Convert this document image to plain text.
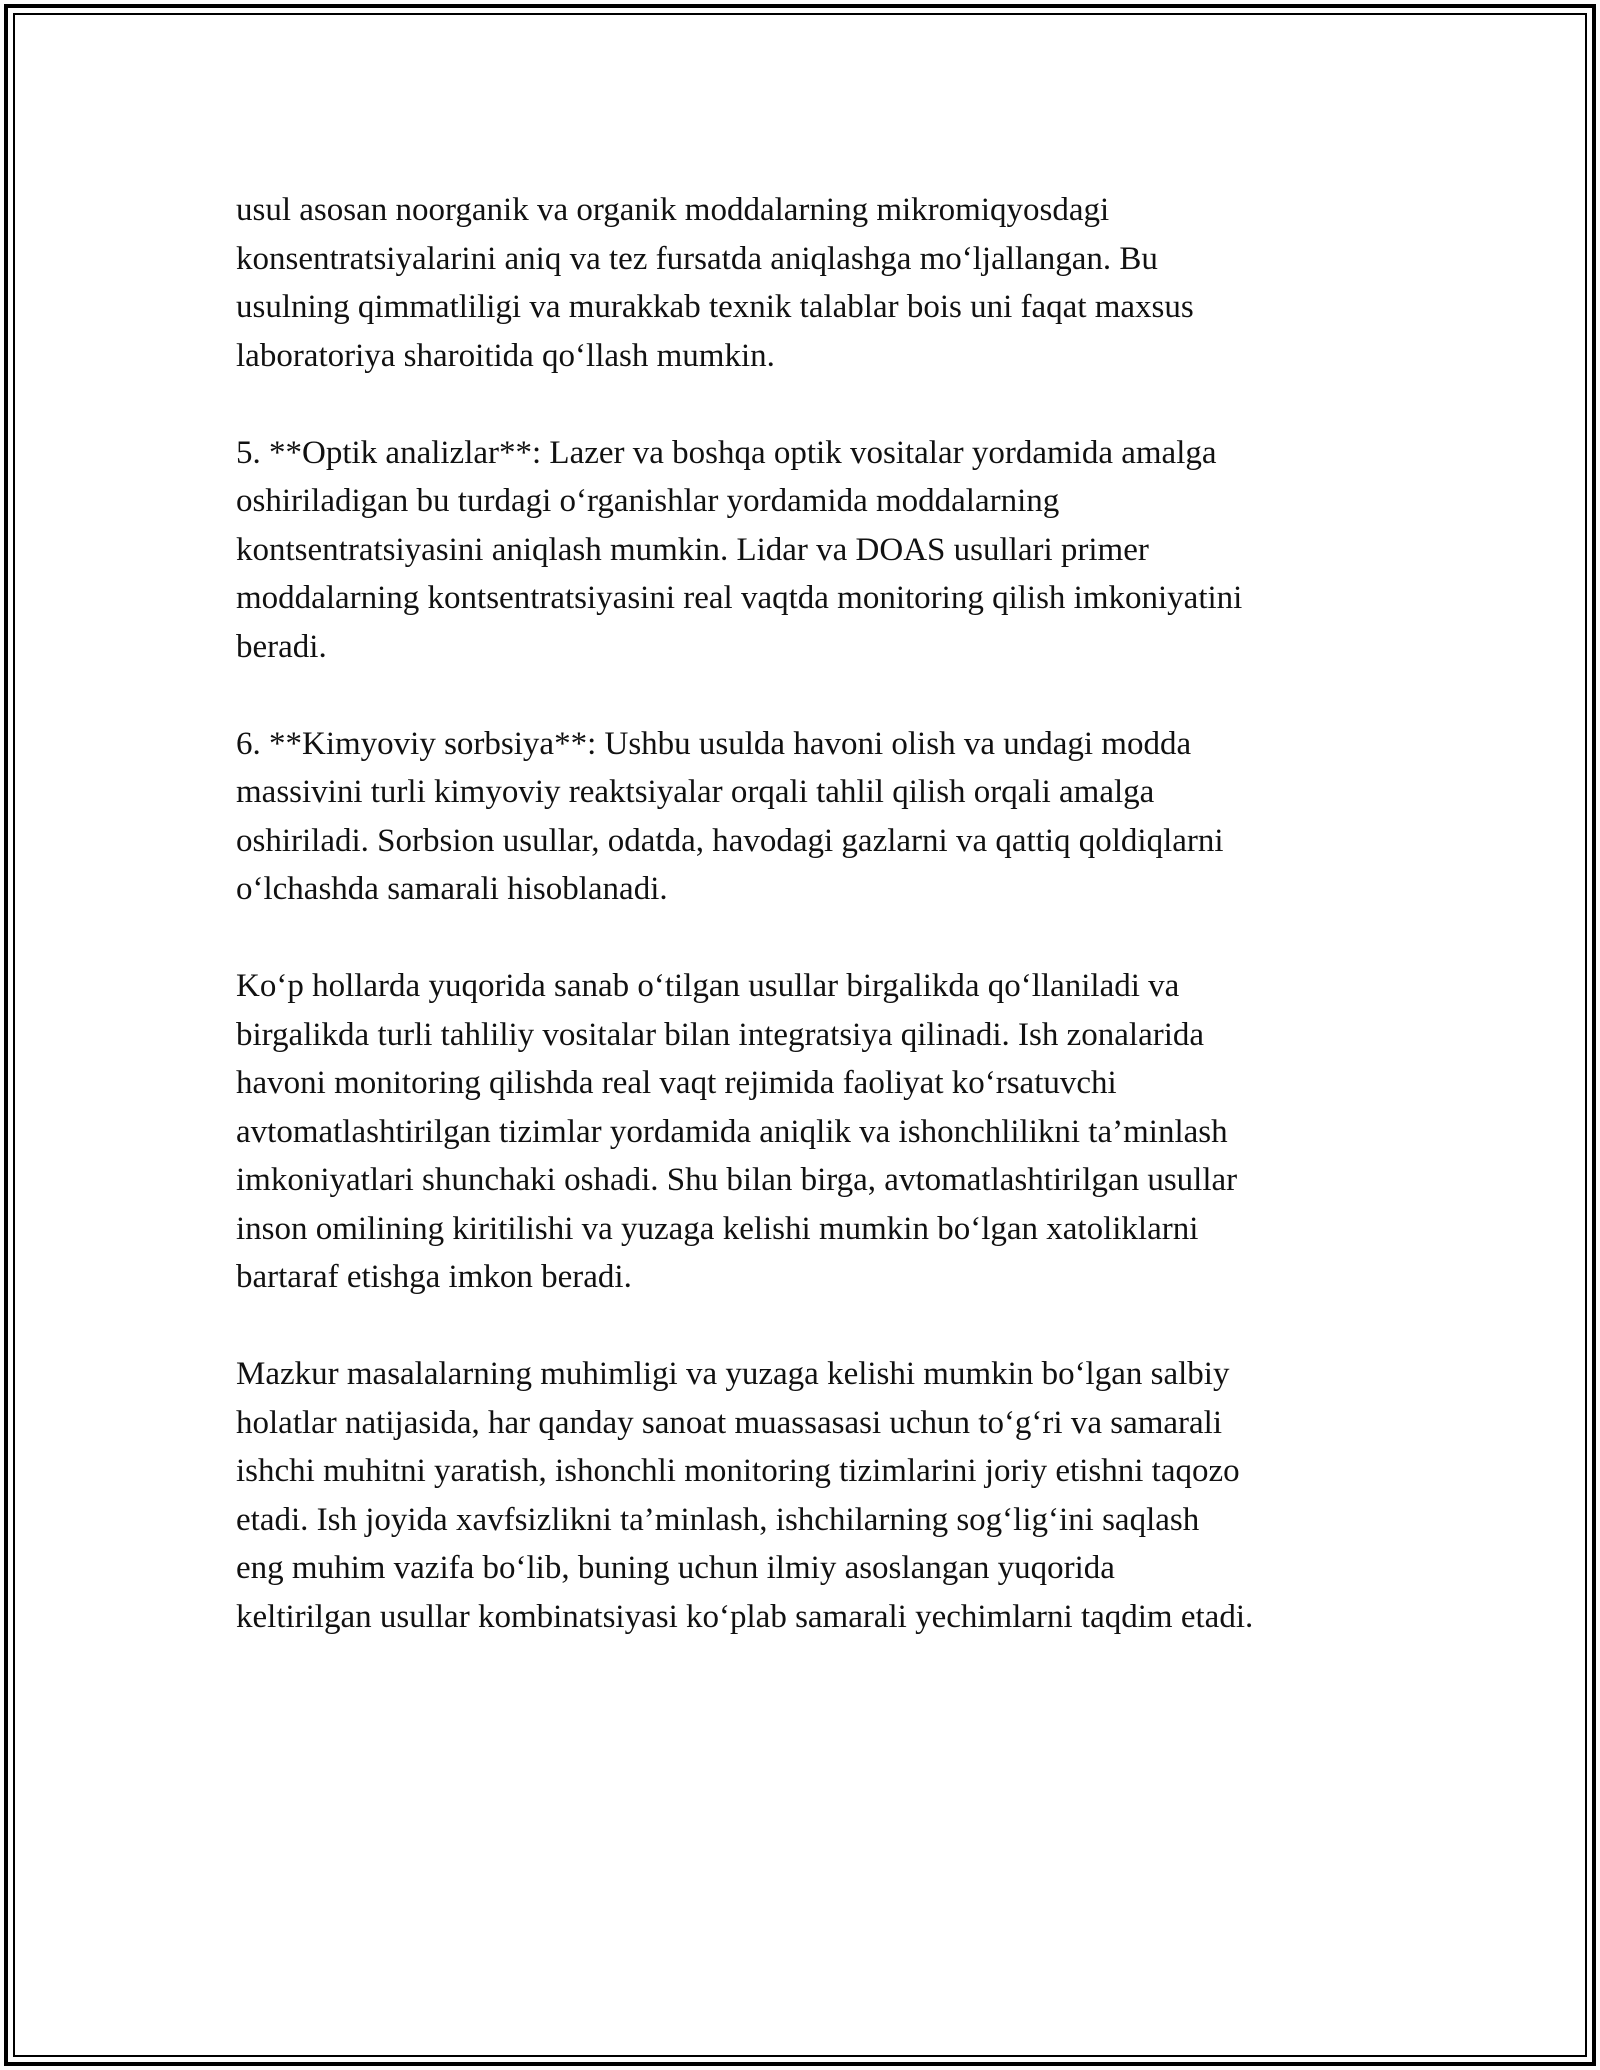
usul asosan noorganik va organik moddalarning mikromiqyosdagi
konsentratsiyalarini aniq va tez fursatda aniqlashga mo‘ljallangan. Bu
usulning qimmatliligi va murakkab texnik talablar bois uni faqat maxsus
laboratoriya sharoitida qo‘llash mumkin.

5. **Optik analizlar**: Lazer va boshqa optik vositalar yordamida amalga
oshiriladigan bu turdagi o‘rganishlar yordamida moddalarning
kontsentratsiyasini aniqlash mumkin. Lidar va DOAS usullari primer
moddalarning kontsentratsiyasini real vaqtda monitoring qilish imkoniyatini
beradi.

6. **Kimyoviy sorbsiya**: Ushbu usulda havoni olish va undagi modda
massivini turli kimyoviy reaktsiyalar orqali tahlil qilish orqali amalga
oshiriladi. Sorbsion usullar, odatda, havodagi gazlarni va qattiq qoldiqlarni
o‘lchashda samarali hisoblanadi.

Ko‘p hollarda yuqorida sanab o‘tilgan usullar birgalikda qo‘llaniladi va
birgalikda turli tahliliy vositalar bilan integratsiya qilinadi. Ish zonalarida
havoni monitoring qilishda real vaqt rejimida faoliyat ko‘rsatuvchi
avtomatlashtirilgan tizimlar yordamida aniqlik va ishonchlilikni ta’minlash
imkoniyatlari shunchaki oshadi. Shu bilan birga, avtomatlashtirilgan usullar
inson omilining kiritilishi va yuzaga kelishi mumkin bo‘lgan xatoliklarni
bartaraf etishga imkon beradi.

Mazkur masalalarning muhimligi va yuzaga kelishi mumkin bo‘lgan salbiy
holatlar natijasida, har qanday sanoat muassasasi uchun to‘g‘ri va samarali
ishchi muhitni yaratish, ishonchli monitoring tizimlarini joriy etishni taqozo
etadi. Ish joyida xavfsizlikni ta’minlash, ishchilarning sog‘lig‘ini saqlash
eng muhim vazifa bo‘lib, buning uchun ilmiy asoslangan yuqorida
keltirilgan usullar kombinatsiyasi ko‘plab samarali yechimlarni taqdim etadi.
